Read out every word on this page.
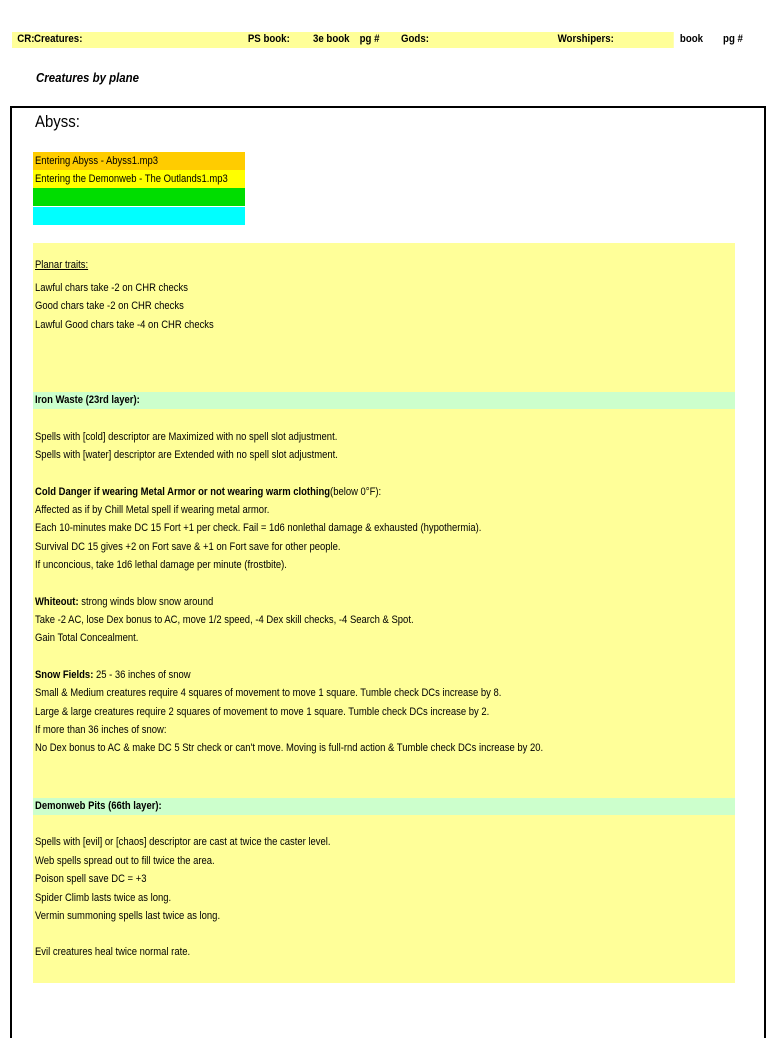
CR: Creatures:	PS book: 3e book pg # Gods:	Worshipers:	book pg #
Creatures by plane
Abyss:
Entering Abyss - Abyss1.mp3
Entering the Demonweb - The Outlands1.mp3
Planar traits:
Lawful chars take -2 on CHR checks
Good chars take -2 on CHR checks
Lawful Good chars take -4 on CHR checks
Iron Waste (23rd layer):
Spells with [cold] descriptor are Maximized with no spell slot adjustment.
Spells with [water] descriptor are Extended with no spell slot adjustment.
Cold Danger if wearing Metal Armor or not wearing warm clothing(below 0°F):
Affected as if by Chill Metal spell if wearing metal armor.
Each 10-minutes make DC 15 Fort +1 per check. Fail = 1d6 nonlethal damage & exhausted (hypothermia).
Survival DC 15 gives +2 on Fort save & +1 on Fort save for other people.
If unconcious, take 1d6 lethal damage per minute (frostbite).
Whiteout: strong winds blow snow around
Take -2 AC, lose Dex bonus to AC, move 1/2 speed, -4 Dex skill checks, -4 Search & Spot.
Gain Total Concealment.
Snow Fields: 25 - 36 inches of snow
Small & Medium creatures require 4 squares of movement to move 1 square. Tumble check DCs increase by 8.
Large & large creatures require 2 squares of movement to move 1 square. Tumble check DCs increase by 2.
If more than 36 inches of snow:
No Dex bonus to AC & make DC 5 Str check or can't move. Moving is full-rnd action & Tumble check DCs increase by 20.
Demonweb Pits (66th layer):
Spells with [evil] or [chaos] descriptor are cast at twice the caster level.
Web spells spread out to fill twice the area.
Poison spell save DC = +3
Spider Climb lasts twice as long.
Vermin summoning spells last twice as long.
Evil creatures heal twice normal rate.
